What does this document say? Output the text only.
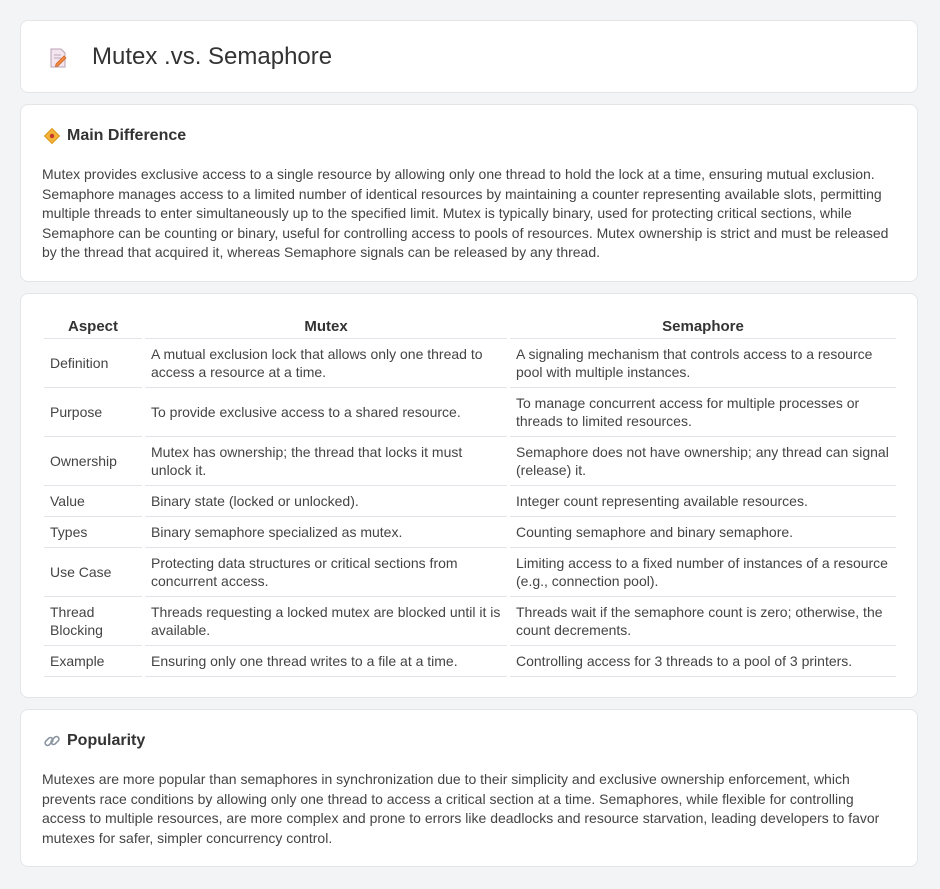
Mutex .vs. Semaphore
Main Difference

Mutex provides exclusive access to a single resource by allowing only one thread to hold the lock at a time, ensuring mutual exclusion. Semaphore manages access to a limited number of identical resources by maintaining a counter representing available slots, permitting multiple threads to enter simultaneously up to the specified limit. Mutex is typically binary, used for protecting critical sections, while Semaphore can be counting or binary, useful for controlling access to pools of resources. Mutex ownership is strict and must be released by the thread that acquired it, whereas Semaphore signals can be released by any thread.

Aspect	Mutex	Semaphore
Definition	A mutual exclusion lock that allows only one thread to access a resource at a time.	A signaling mechanism that controls access to a resource pool with multiple instances.
Purpose	To provide exclusive access to a shared resource.	To manage concurrent access for multiple processes or threads to limited resources.
Ownership	Mutex has ownership; the thread that locks it must unlock it.	Semaphore does not have ownership; any thread can signal (release) it.
Value	Binary state (locked or unlocked).	Integer count representing available resources.
Types	Binary semaphore specialized as mutex.	Counting semaphore and binary semaphore.
Use Case	Protecting data structures or critical sections from concurrent access.	Limiting access to a fixed number of instances of a resource (e.g., connection pool).
Thread Blocking	Threads requesting a locked mutex are blocked until it is available.	Threads wait if the semaphore count is zero; otherwise, the count decrements.
Example	Ensuring only one thread writes to a file at a time.	Controlling access for 3 threads to a pool of 3 printers.
Popularity

Mutexes are more popular than semaphores in synchronization due to their simplicity and exclusive ownership enforcement, which prevents race conditions by allowing only one thread to access a critical section at a time. Semaphores, while flexible for controlling access to multiple resources, are more complex and prone to errors like deadlocks and resource starvation, leading developers to favor mutexes for safer, simpler concurrency control.
